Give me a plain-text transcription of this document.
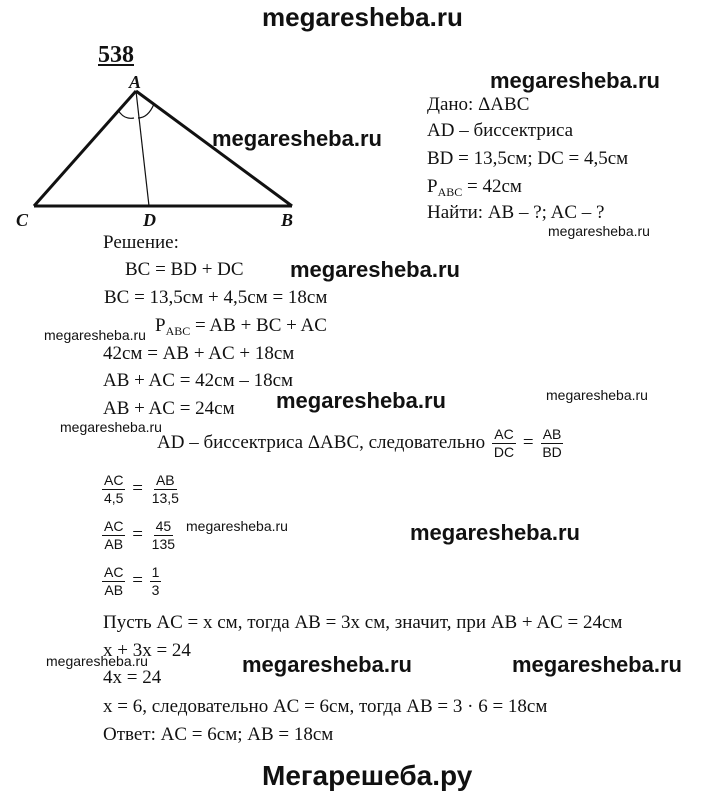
megaresheba.ru
538
A
C	D	B
megaresheba.ru
megaresheba.ru
megaresheba.ru
megaresheba.ru
megaresheba.ru
megaresheba.ru
megaresheba.ru
megaresheba.ru
megaresheba.ru	megaresheba.ru
megaresheba.ru	megaresheba.ru	megaresheba.ru
Дано: ΔABC
AD – биссектриса
BD = 13,5см; DC = 4,5см
$P_{ABC} = 42см$
Найти: AB – ?; AC – ?
Решение:
BC = BD + DC
BC = 13,5см + 4,5см = 18см
$P_{ABC}$ = AB + BC + AC
42см = AB + AC + 18см
AB + AC = 42см – 18см
AB + AC = 24см
AD – биссектриса ΔABC, следовательно $\frac{AC}{DC} = \frac{AB}{BD}$
$\frac{AC}{4,5} = \frac{AB}{13,5}$
$\frac{AC}{AB} = \frac{45}{135}$
$\frac{AC}{AB} = \frac{1}{3}$
Пусть AC = x см, тогда AB = 3x см, значит, при AB + AC = 24см
x + 3x = 24
4x = 24
x = 6, следовательно AC = 6см, тогда AB = 3 · 6 = 18см
Ответ: AC = 6см; AB = 18см
Мегарешеба.ру
